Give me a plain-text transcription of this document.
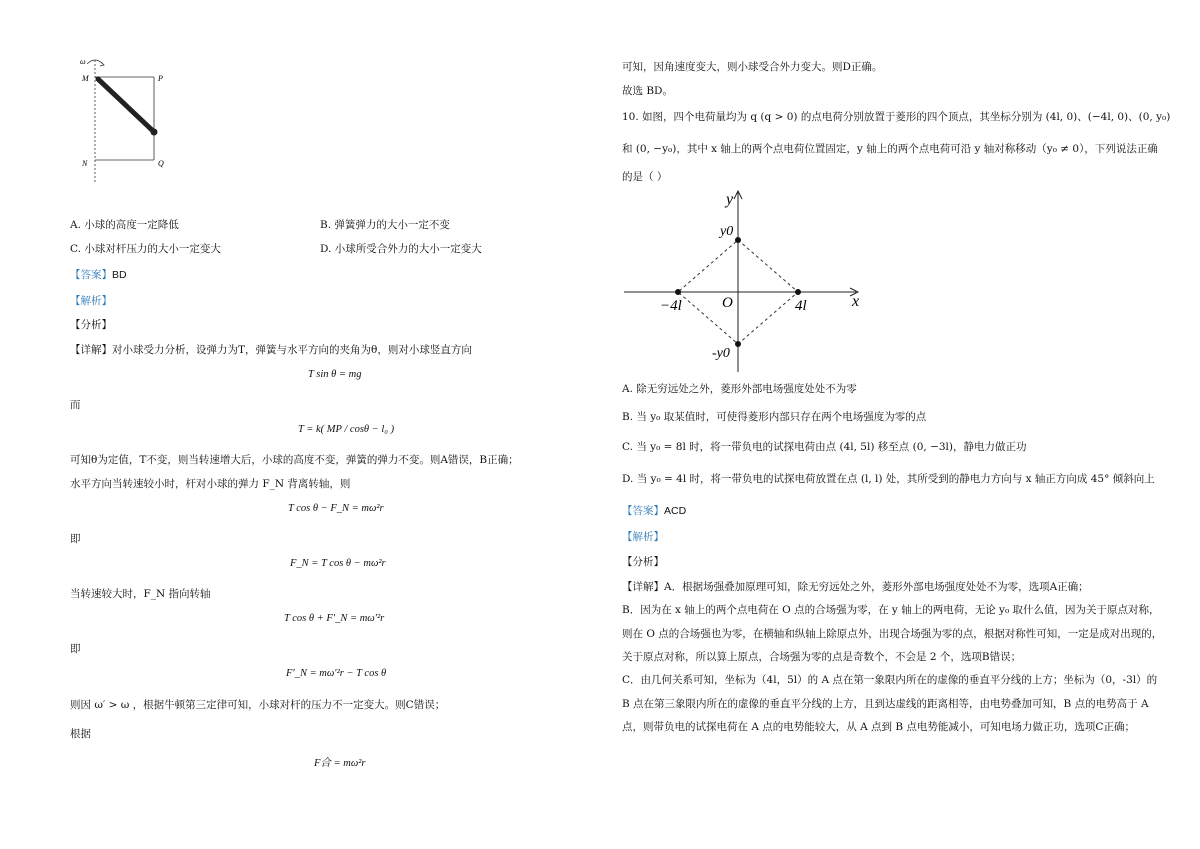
ω
M	P
N	Q
A. 小球的高度一定降低	B. 弹簧弹力的大小一定不变
C. 小球对杆压力的大小一定变大	D. 小球所受合外力的大小一定变大
【答案】BD
【解析】
【分析】
【详解】对小球受力分析，设弹力为T，弹簧与水平方向的夹角为θ，则对小球竖直方向
T sin θ = mg
而
T = k( MP / cosθ − l₀ )
可知θ为定值，T不变，则当转速增大后，小球的高度不变，弹簧的弹力不变。则A错误，B正确；
水平方向当转速较小时，杆对小球的弹力 F_N 背离转轴，则
T cos θ − F_N = mω²r
即
F_N = T cos θ − mω²r
当转速较大时，F_N 指向转轴
T cos θ + F′_N = mω′²r
即
F′_N = mω′²r − T cos θ
则因 ω′ > ω ，根据牛顿第三定律可知，小球对杆的压力不一定变大。则C错误；
根据
F合 = mω²r
可知，因角速度变大，则小球受合外力变大。则D正确。
故选 BD。
10. 如图，四个电荷量均为 q (q > 0) 的点电荷分别放置于菱形的四个顶点，其坐标分别为 (4l, 0)、(−4l, 0)、(0, y₀)
和 (0, −y₀)，其中 x 轴上的两个点电荷位置固定，y 轴上的两个点电荷可沿 y 轴对称移动（y₀ ≠ 0），下列说法正确
的是（ ）
y
x
O
y0
-y0
4l
−4l
A. 除无穷远处之外，菱形外部电场强度处处不为零
B. 当 y₀ 取某值时，可使得菱形内部只存在两个电场强度为零的点
C. 当 y₀ = 8l 时，将一带负电的试探电荷由点 (4l, 5l) 移至点 (0, −3l)，静电力做正功
D. 当 y₀ = 4l 时，将一带负电的试探电荷放置在点 (l, l) 处，其所受到的静电力方向与 x 轴正方向成 45° 倾斜向上
【答案】ACD
【解析】
【分析】
【详解】A．根据场强叠加原理可知，除无穷远处之外，菱形外部电场强度处处不为零，选项A正确；
B．因为在 x 轴上的两个点电荷在 O 点的合场强为零，在 y 轴上的两电荷，无论 y₀ 取什么值，因为关于原点对称，
则在 O 点的合场强也为零，在横轴和纵轴上除原点外，出现合场强为零的点，根据对称性可知，一定是成对出现的，
关于原点对称，所以算上原点，合场强为零的点是奇数个，不会是 2 个，选项B错误；
C．由几何关系可知，坐标为（4l，5l）的 A 点在第一象限内所在的虚像的垂直平分线的上方；坐标为（0，-3l）的
B 点在第三象限内所在的虚像的垂直平分线的上方，且到达虚线的距离相等，由电势叠加可知，B 点的电势高于 A
点，则带负电的试探电荷在 A 点的电势能较大，从 A 点到 B 点电势能减小，可知电场力做正功，选项C正确；
